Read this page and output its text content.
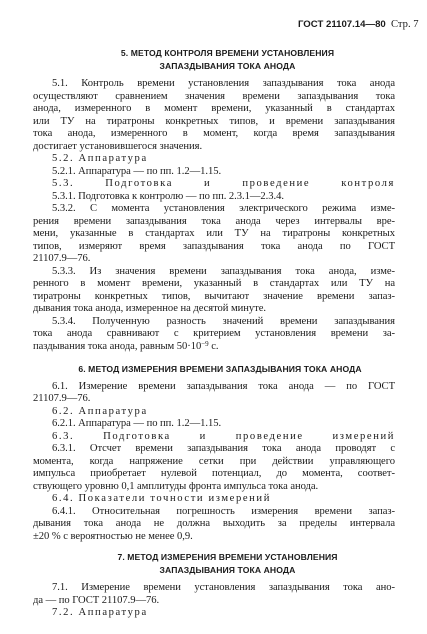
ГОСТ 21107.14—80 Стр. 7
5. МЕТОД КОНТРОЛЯ ВРЕМЕНИ УСТАНОВЛЕНИЯ
ЗАПАЗДЫВАНИЯ ТОКА АНОДА

5.1. Контроль времени установления запаздывания тока анода

осуществляют сравнением значения времени запаздывания тока

анода, измеренного в момент времени, указанный в стандартах

или ТУ на тиратроны конкретных типов, и времени запаздывания

тока анода, измеренного в момент, когда время запаздывания

достигает установившегося значения.

5.2. Аппаратура

5.2.1. Аппаратура — по пп. 1.2—1.15.

5.3. Подготовка и проведение контроля

5.3.1. Подготовка к контролю — по пп. 2.3.1—2.3.4.

5.3.2. С момента установления электрического режима изме-

рения времени запаздывания тока анода через интервалы вре-

мени, указанные в стандартах или ТУ на тиратроны конкретных

типов, измеряют время запаздывания тока анода по ГОСТ

21107.9—76.

5.3.3. Из значения времени запаздывания тока анода, изме-

ренного в момент времени, указанный в стандартах или ТУ на

тиратроны конкретных типов, вычитают значение времени запаз-

дывания тока анода, измеренное на десятой минуте.

5.3.4. Полученную разность значений времени запаздывания

тока анода сравнивают с критерием установления времени за-

паздывания тока анода, равным $50\cdot 10^{-9}$ с.

6. МЕТОД ИЗМЕРЕНИЯ ВРЕМЕНИ ЗАПАЗДЫВАНИЯ ТОКА АНОДА

6.1. Измерение времени запаздывания тока анода — по ГОСТ

21107.9—76.

6.2. Аппаратура

6.2.1. Аппаратура — по пп. 1.2—1.15.

6.3. Подготовка и проведение измерений

6.3.1. Отсчет времени запаздывания тока анода проводят с

момента, когда напряжение сетки при действии управляющего

импульса приобретает нулевой потенциал, до момента, соответ-

ствующего уровню 0,1 амплитуды фронта импульса тока анода.

6.4. Показатели точности измерений

6.4.1. Относительная погрешность измерения времени запаз-

дывания тока анода не должна выходить за пределы интервала

±20 % с вероятностью не менее 0,9.

7. МЕТОД ИЗМЕРЕНИЯ ВРЕМЕНИ УСТАНОВЛЕНИЯ
ЗАПАЗДЫВАНИЯ ТОКА АНОДА

7.1. Измерение времени установления запаздывания тока ано-

да — по ГОСТ 21107.9—76.

7.2. Аппаратура
